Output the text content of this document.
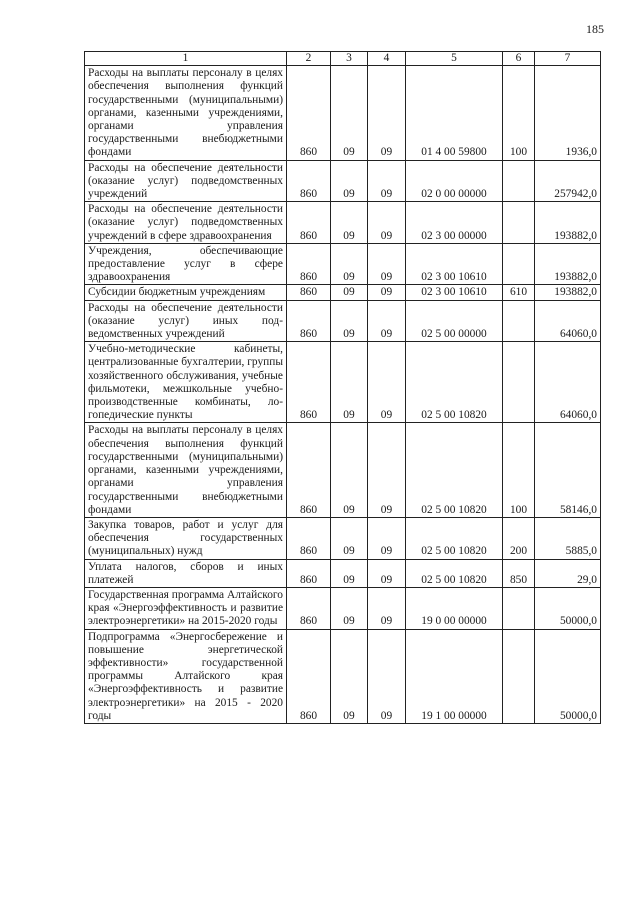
185
1	2	3	4	5	6	7
Расходы на выплаты персоналу в целях обеспечения выполнения функций государственными (муниципальными) органами, казенными учреждениями, органами управления государственными внебюджетными фондами	860	09	09	01 4 00 59800	100	1936,0
Расходы на обеспечение деятельности (оказание услуг) подведомственных учреждений	860	09	09	02 0 00 00000		257942,0
Расходы на обеспечение деятельности (оказание услуг) подведомственных учреждений в сфере здравоохранения	860	09	09	02 3 00 00000		193882,0
Учреждения, обеспечивающие предоставление услуг в сфере здравоохранения	860	09	09	02 3 00 10610		193882,0
Субсидии бюджетным учреждениям	860	09	09	02 3 00 10610	610	193882,0
Расходы на обеспечение деятельности (оказание услуг) иных подведомственных учреждений	860	09	09	02 5 00 00000		64060,0
Учебно-методические кабинеты, централизованные бухгалтерии, группы хозяйственного обслуживания, учебные фильмотеки, межшкольные учебно-производственные комбинаты, логопедические пункты	860	09	09	02 5 00 10820		64060,0
Расходы на выплаты персоналу в целях обеспечения выполнения функций государственными (муниципальными) органами, казенными учреждениями, органами управления государственными внебюджетными фондами	860	09	09	02 5 00 10820	100	58146,0
Закупка товаров, работ и услуг для обеспечения государственных (муниципальных) нужд	860	09	09	02 5 00 10820	200	5885,0
Уплата налогов, сборов и иных платежей	860	09	09	02 5 00 10820	850	29,0
Государственная программа Алтайского края «Энергоэффективность и развитие электроэнергетики» на 2015-2020 годы	860	09	09	19 0 00 00000		50000,0
Подпрограмма «Энергосбережение и повышение энергетической эффективности» государственной программы Алтайского края «Энергоэффективность и развитие электроэнергетики» на 2015 - 2020 годы	860	09	09	19 1 00 00000		50000,0
